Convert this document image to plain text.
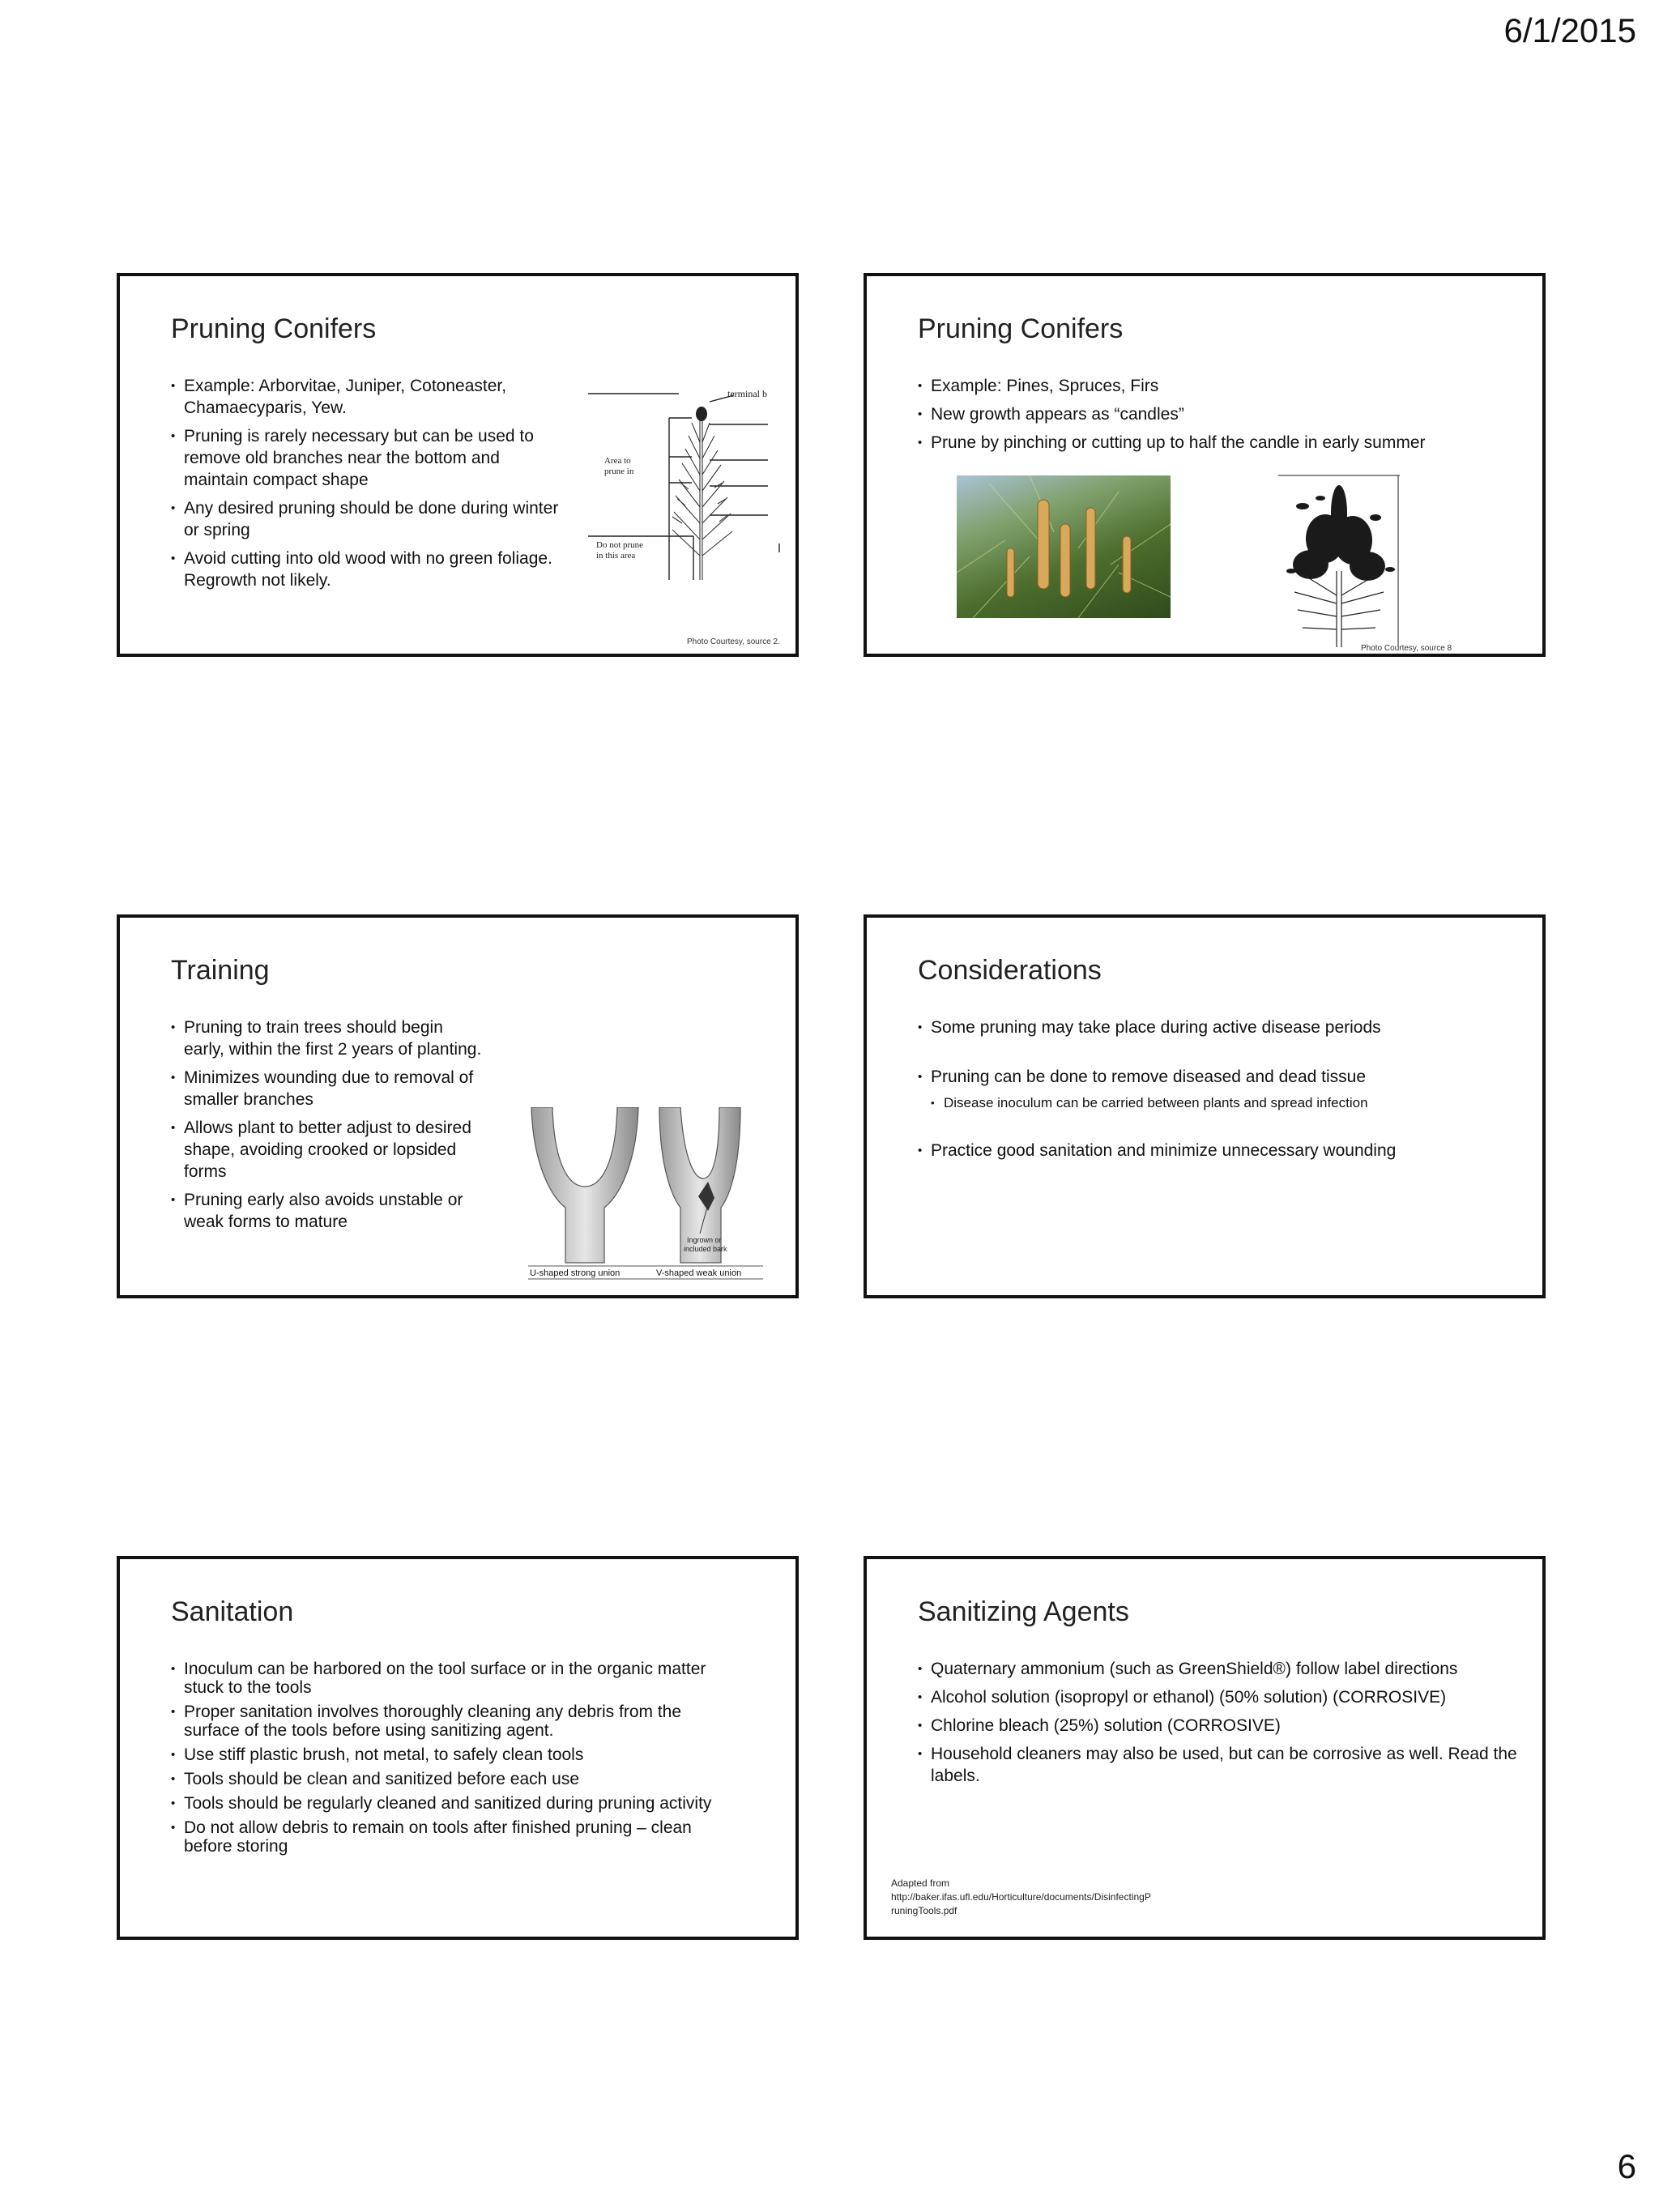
6/1/2015
Pruning Conifers
• Example: Arborvitae, Juniper, Cotoneaster, Chamaecyparis, Yew.
• Pruning is rarely necessary but can be used to remove old branches near the bottom and maintain compact shape
• Any desired pruning should be done during winter or spring
• Avoid cutting into old wood with no green foliage. Regrowth not likely.
terminal b
Area to prune in
Do not prune in this area
Photo Courtesy, source 2.
Pruning Conifers
• Example: Pines, Spruces, Firs
• New growth appears as “candles”
• Prune by pinching or cutting up to half the candle in early summer
Photo Courtesy, source 8
Training
• Pruning to train trees should begin early, within the first 2 years of planting.
• Minimizes wounding due to removal of smaller branches
• Allows plant to better adjust to desired shape, avoiding crooked or lopsided forms
• Pruning early also avoids unstable or weak forms to mature
Ingrown or included bark
U-shaped strong union	V-shaped weak union
Considerations
• Some pruning may take place during active disease periods
• Pruning can be done to remove diseased and dead tissue
• Disease inoculum can be carried between plants and spread infection
• Practice good sanitation and minimize unnecessary wounding
Sanitation
• Inoculum can be harbored on the tool surface or in the organic matter stuck to the tools
• Proper sanitation involves thoroughly cleaning any debris from the surface of the tools before using sanitizing agent.
• Use stiff plastic brush, not metal, to safely clean tools
• Tools should be clean and sanitized before each use
• Tools should be regularly cleaned and sanitized during pruning activity
• Do not allow debris to remain on tools after finished pruning – clean before storing
Sanitizing Agents
• Quaternary ammonium (such as GreenShield®) follow label directions
• Alcohol solution (isopropyl or ethanol) (50% solution) (CORROSIVE)
• Chlorine bleach (25%) solution (CORROSIVE)
• Household cleaners may also be used, but can be corrosive as well. Read the labels.
Adapted from
http://baker.ifas.ufl.edu/Horticulture/documents/DisinfectingP
runingTools.pdf
6
